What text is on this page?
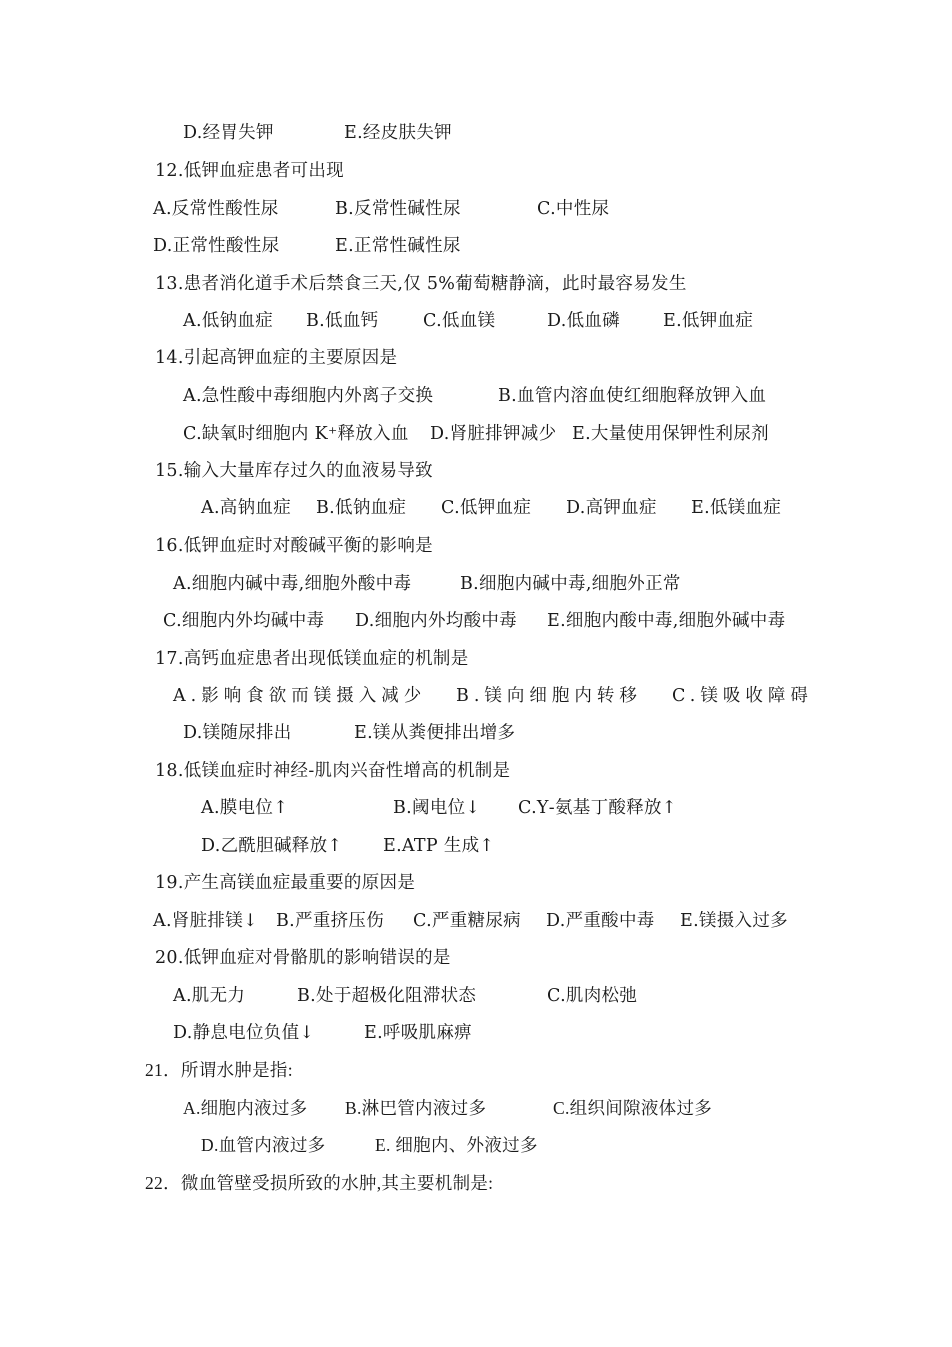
D.经胃失钾	E.经皮肤失钾
12.低钾血症患者可出现
A.反常性酸性尿	B.反常性碱性尿	C.中性尿
D.正常性酸性尿	E.正常性碱性尿
13.患者消化道手术后禁食三天,仅 5%葡萄糖静滴，此时最容易发生
A.低钠血症 B.低血钙	C.低血镁	D.低血磷 E.低钾血症
14.引起高钾血症的主要原因是
A.急性酸中毒细胞内外离子交换	B.血管内溶血使红细胞释放钾入血
C.缺氧时细胞内 K⁺释放入血 D.肾脏排钾减少 E.大量使用保钾性利尿剂
15.输入大量库存过久的血液易导致
A.高钠血症 B.低钠血症 C.低钾血症 D.高钾血症 E.低镁血症
16.低钾血症时对酸碱平衡的影响是
A.细胞内碱中毒,细胞外酸中毒	B.细胞内碱中毒,细胞外正常
C.细胞内外均碱中毒 D.细胞内外均酸中毒 E.细胞内酸中毒,细胞外碱中毒
17.高钙血症患者出现低镁血症的机制是
A.影响食欲而镁摄入减少 B.镁向细胞内转移 C.镁吸收障碍
D.镁随尿排出	E.镁从粪便排出增多
18.低镁血症时神经-肌肉兴奋性增高的机制是
A.膜电位↑	B.阈电位↓ C.Υ-氨基丁酸释放↑
D.乙酰胆碱释放↑ E.ATP 生成↑
19.产生高镁血症最重要的原因是
A.肾脏排镁↓ B.严重挤压伤 C.严重糖尿病 D.严重酸中毒 E.镁摄入过多
20.低钾血症对骨骼肌的影响错误的是
A.肌无力	B.处于超极化阻滞状态	C.肌肉松弛
D.静息电位负值↓	E.呼吸肌麻痹
21．所谓水肿是指:
A.细胞内液过多 B.淋巴管内液过多	C.组织间隙液体过多
D.血管内液过多	E. 细胞内、外液过多
22．微血管壁受损所致的水肿,其主要机制是:
